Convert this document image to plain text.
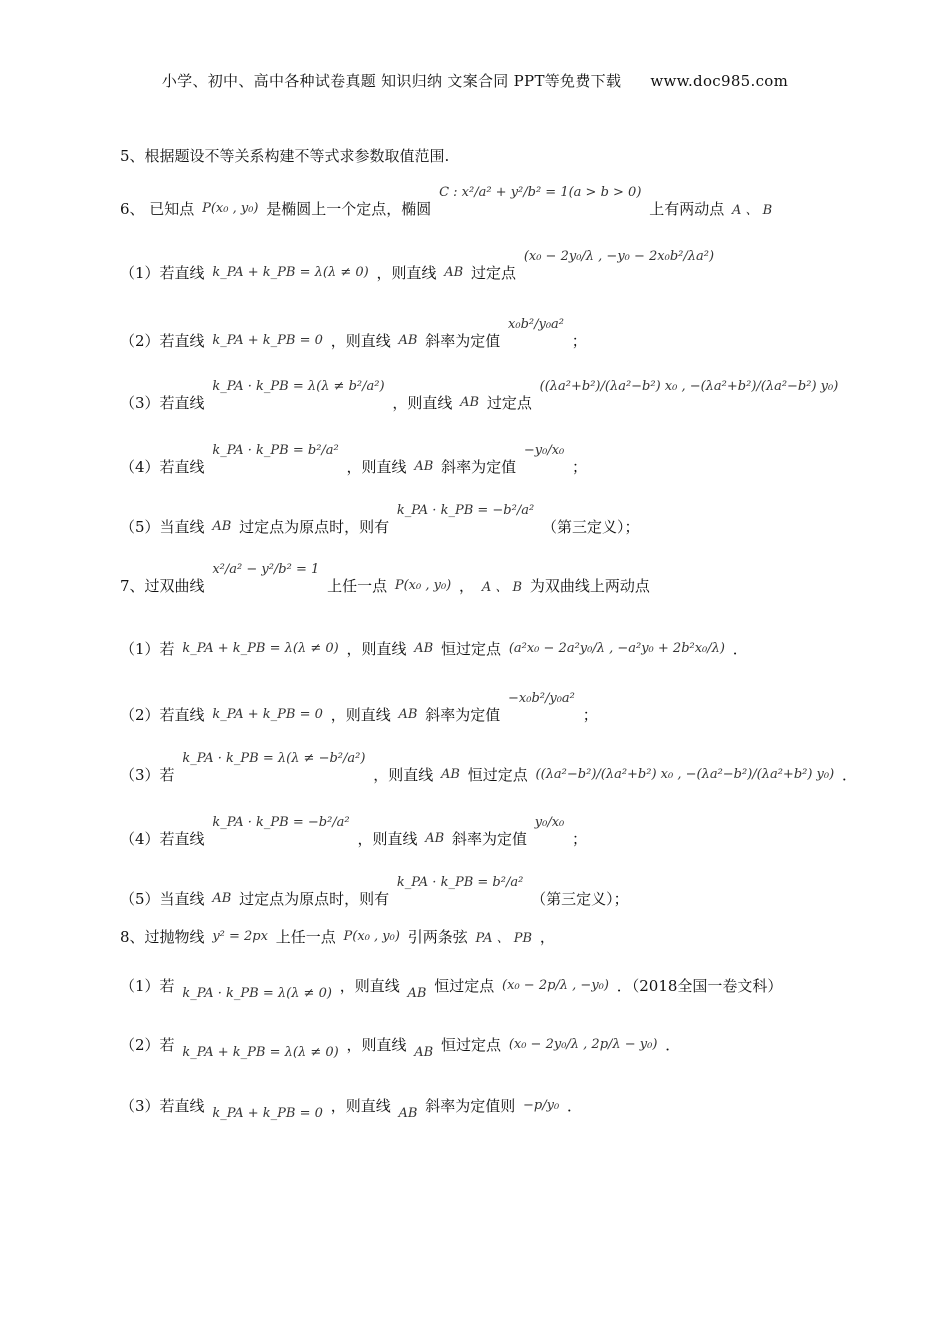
小学、初中、高中各种试卷真题 知识归纳 文案合同 PPT等免费下载 www.doc985.com
5、根据题设不等关系构建不等式求参数取值范围.
6、 已知点 P(x₀ , y₀) 是椭圆上一个定点，椭圆 C : x²/a² + y²/b² = 1(a > b > 0) 上有两动点 A 、 B
（1）若直线 k_PA + k_PB = λ(λ ≠ 0) ，则直线 AB 过定点 (x₀ − 2y₀/λ , −y₀ − 2x₀b²/λa²)
（2）若直线 k_PA + k_PB = 0 ，则直线 AB 斜率为定值 x₀b²/y₀a² ；
（3）若直线 k_PA · k_PB = λ(λ ≠ b²/a²) ，则直线 AB 过定点 ((λa²+b²)/(λa²−b²) x₀ , −(λa²+b²)/(λa²−b²) y₀)
（4）若直线 k_PA · k_PB = b²/a² ，则直线 AB 斜率为定值 −y₀/x₀ ；
（5）当直线 AB 过定点为原点时，则有 k_PA · k_PB = −b²/a² （第三定义）；
7、过双曲线 x²/a² − y²/b² = 1 上任一点 P(x₀ , y₀) ， A 、 B 为双曲线上两动点
（1）若 k_PA + k_PB = λ(λ ≠ 0) ，则直线 AB 恒过定点 (a²x₀ − 2a²y₀/λ , −a²y₀ + 2b²x₀/λ) ．
（2）若直线 k_PA + k_PB = 0 ，则直线 AB 斜率为定值 −x₀b²/y₀a² ；
（3）若 k_PA · k_PB = λ(λ ≠ −b²/a²) ，则直线 AB 恒过定点 ((λa²−b²)/(λa²+b²) x₀ , −(λa²−b²)/(λa²+b²) y₀) ．
（4）若直线 k_PA · k_PB = −b²/a² ，则直线 AB 斜率为定值 y₀/x₀ ；
（5）当直线 AB 过定点为原点时，则有 k_PA · k_PB = b²/a² （第三定义）；
8、过抛物线 y² = 2px 上任一点 P(x₀ , y₀) 引两条弦 PA 、 PB ，
（1）若 k_PA · k_PB = λ(λ ≠ 0) ，则直线 AB 恒过定点 (x₀ − 2p/λ , −y₀) ．（2018全国一卷文科）
（2）若 k_PA + k_PB = λ(λ ≠ 0) ，则直线 AB 恒过定点 (x₀ − 2y₀/λ , 2p/λ − y₀) ．
（3）若直线 k_PA + k_PB = 0 ，则直线 AB 斜率为定值则 −p/y₀ ．
